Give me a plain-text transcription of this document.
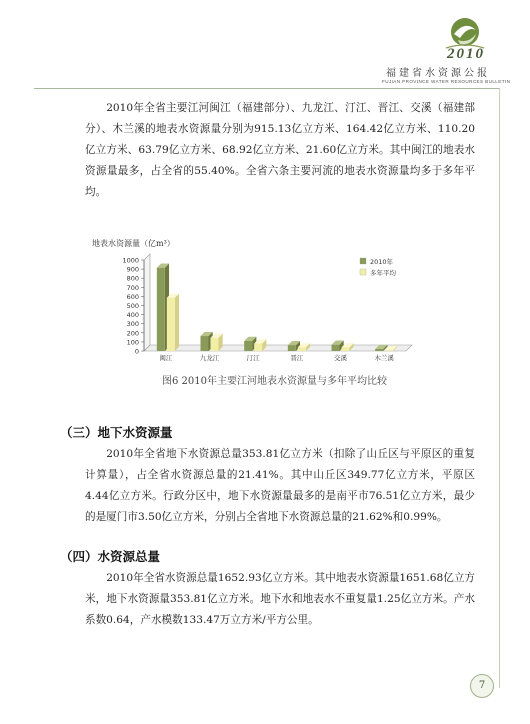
2010
福建省水资源公报
FUJIAN PROVINCE WATER RESOURCES BULLETIN

2010年全省主要江河闽江（福建部分）、九龙江、汀江、晋江、交溪（福建部分）、木兰溪的地表水资源量分别为915.13亿立方米、164.42亿立方米、110.20亿立方米、63.79亿立方米、68.92亿立方米、21.60亿立方米。其中闽江的地表水资源量最多，占全省的55.40%。全省六条主要河流的地表水资源量均多于多年平均。

地表水资源量（亿m³）
0
100
200
300
400
500
600
700
800
900
1000
闽江	九龙江	汀江	晋江	交溪	木兰溪
2010年
多年平均
图6 2010年主要江河地表水资源量与多年平均比较
（三）地下水资源量

2010年全省地下水资源总量353.81亿立方米（扣除了山丘区与平原区的重复计算量），占全省水资源总量的21.41%。其中山丘区349.77亿立方米，平原区4.44亿立方米。行政分区中，地下水资源量最多的是南平市76.51亿立方米，最少的是厦门市3.50亿立方米，分别占全省地下水资源总量的21.62%和0.99%。

（四）水资源总量

2010年全省水资源总量1652.93亿立方米。其中地表水资源量1651.68亿立方米，地下水资源量353.81亿立方米。地下水和地表水不重复量1.25亿立方米。产水系数0.64，产水模数133.47万立方米/平方公里。

7
